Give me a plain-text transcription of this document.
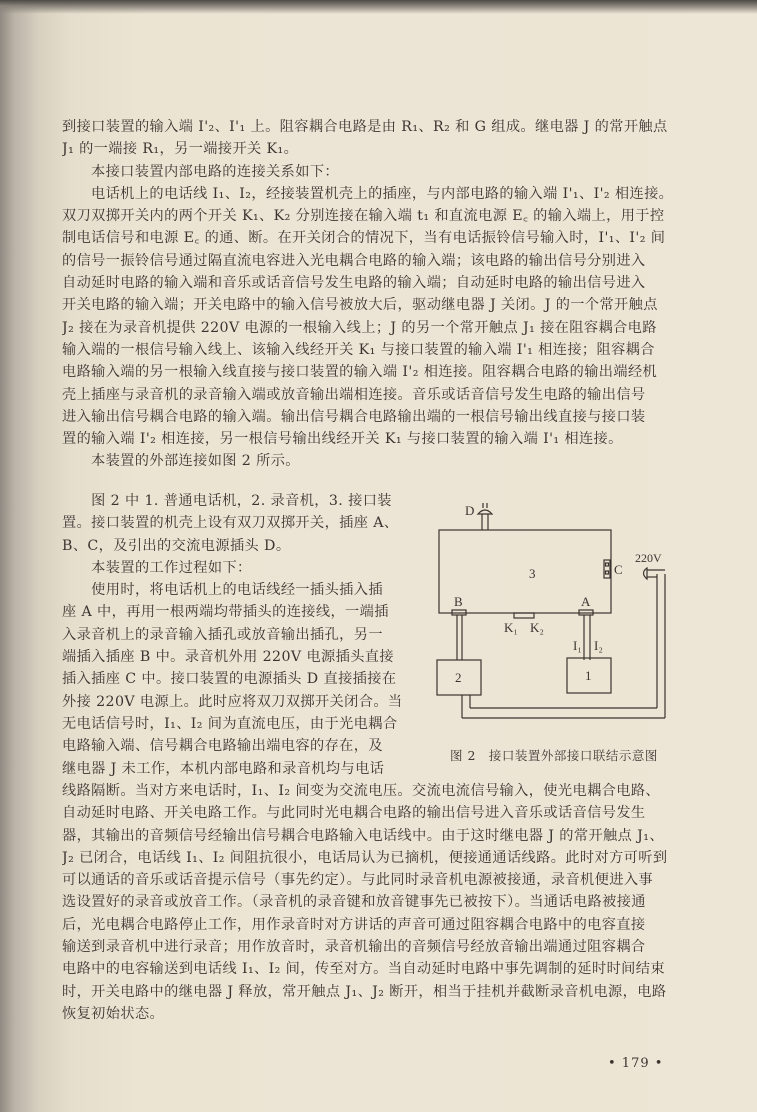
到接口装置的输入端 I'₂、I'₁ 上。阻容耦合电路是由 R₁、R₂ 和 G 组成。继电器 J 的常开触点
J₁ 的一端接 R₁，另一端接开关 K₁。
本接口装置内部电路的连接关系如下：
电话机上的电话线 I₁、I₂，经接装置机壳上的插座，与内部电路的输入端 I'₁、I'₂ 相连接。
双刀双掷开关内的两个开关 K₁、K₂ 分别连接在输入端 t₁ 和直流电源 E꜀ 的输入端上，用于控
制电话信号和电源 E꜀ 的通、断。在开关闭合的情况下，当有电话振铃信号输入时，I'₁、I'₂ 间
的信号一振铃信号通过隔直流电容进入光电耦合电路的输入端；该电路的输出信号分别进入
自动延时电路的输入端和音乐或话音信号发生电路的输入端；自动延时电路的输出信号进入
开关电路的输入端；开关电路中的输入信号被放大后，驱动继电器 J 关闭。J 的一个常开触点
J₂ 接在为录音机提供 220V 电源的一根输入线上；J 的另一个常开触点 J₁ 接在阻容耦合电路
输入端的一根信号输入线上、该输入线经开关 K₁ 与接口装置的输入端 I'₁ 相连接；阻容耦合
电路输入端的另一根输入线直接与接口装置的输入端 I'₂ 相连接。阻容耦合电路的输出端经机
壳上插座与录音机的录音输入端或放音输出端相连接。音乐或话音信号发生电路的输出信号
进入输出信号耦合电路的输入端。输出信号耦合电路输出端的一根信号输出线直接与接口装
置的输入端 I'₂ 相连接，另一根信号输出线经开关 K₁ 与接口装置的输入端 I'₁ 相连接。
本装置的外部连接如图 2 所示。
　　图 2 中 1. 普通电话机，2. 录音机，3. 接口装
置。接口装置的机壳上设有双刀双掷开关，插座 A、
B、C，及引出的交流电源插头 D。
　　本装置的工作过程如下：
　　使用时，将电话机上的电话线经一插头插入插
座 A 中，再用一根两端均带插头的连接线，一端插
入录音机上的录音输入插孔或放音输出插孔，另一
端插入插座 B 中。录音机外用 220V 电源插头直接
插入插座 C 中。接口装置的电源插头 D 直接插接在
外接 220V 电源上。此时应将双刀双掷开关闭合。当
无电话信号时，I₁、I₂ 间为直流电压，由于光电耦合
电路输入端、信号耦合电路输出端电容的存在，及
继电器 J 未工作，本机内部电路和录音机均与电话
D
3	C
220V
B	A
K₁ K₂
I₁ I₂
2	1
图 2　接口装置外部接口联结示意图
线路隔断。当对方来电话时，I₁、I₂ 间变为交流电压。交流电流信号输入，使光电耦合电路、
自动延时电路、开关电路工作。与此同时光电耦合电路的输出信号进入音乐或话音信号发生
器，其输出的音频信号经输出信号耦合电路输入电话线中。由于这时继电器 J 的常开触点 J₁、
J₂ 已闭合，电话线 I₁、I₂ 间阻抗很小，电话局认为已摘机，便接通通话线路。此时对方可听到
可以通话的音乐或话音提示信号（事先约定）。与此同时录音机电源被接通，录音机便进入事
选设置好的录音或放音工作。（录音机的录音键和放音键事先已被按下）。当通话电路被接通
后，光电耦合电路停止工作，用作录音时对方讲话的声音可通过阻容耦合电路中的电容直接
输送到录音机中进行录音；用作放音时，录音机输出的音频信号经放音输出端通过阻容耦合
电路中的电容输送到电话线 I₁、I₂ 间，传至对方。当自动延时电路中事先调制的延时时间结束
时，开关电路中的继电器 J 释放，常开触点 J₁、J₂ 断开，相当于挂机并截断录音机电源，电路
恢复初始状态。
• 179 •
